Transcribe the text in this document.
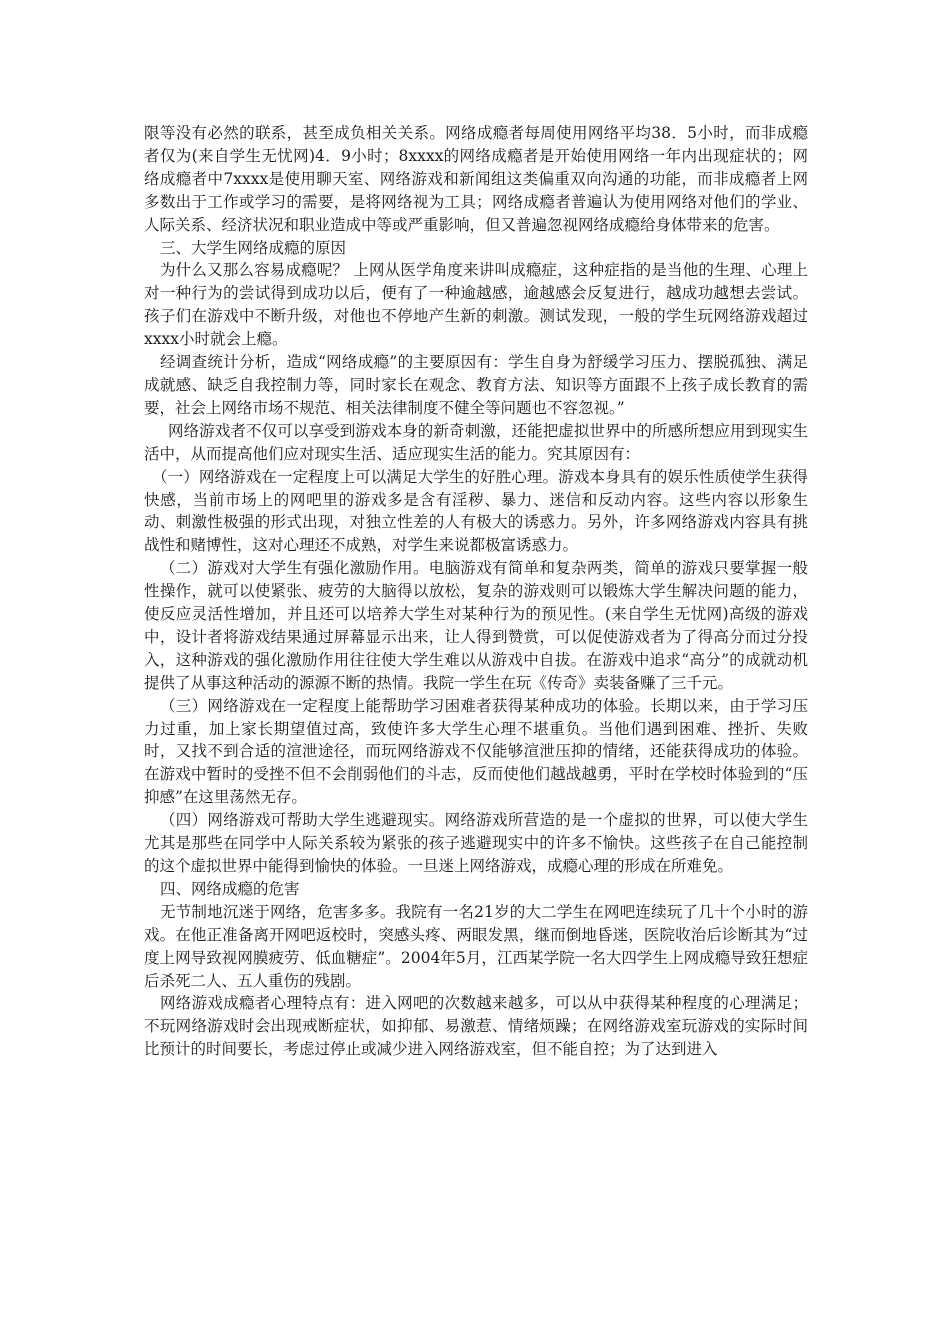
限等没有必然的联系，甚至成负相关关系。网络成瘾者每周使用网络平均38．5小时，而非成瘾者仅为(来自学生无忧网)4．9小时；8xxxx的网络成瘾者是开始使用网络一年内出现症状的；网络成瘾者中7xxxx是使用聊天室、网络游戏和新闻组这类偏重双向沟通的功能，而非成瘾者上网多数出于工作或学习的需要，是将网络视为工具；网络成瘾者普遍认为使用网络对他们的学业、人际关系、经济状况和职业造成中等或严重影响，但又普遍忽视网络成瘾给身体带来的危害。

三、大学生网络成瘾的原因

为什么又那么容易成瘾呢？ 上网从医学角度来讲叫成瘾症，这种症指的是当他的生理、心理上对一种行为的尝试得到成功以后，便有了一种逾越感，逾越感会反复进行，越成功越想去尝试。孩子们在游戏中不断升级，对他也不停地产生新的刺激。测试发现，一般的学生玩网络游戏超过xxxx小时就会上瘾。

经调查统计分析，造成“网络成瘾”的主要原因有：学生自身为舒缓学习压力、摆脱孤独、满足成就感、缺乏自我控制力等，同时家长在观念、教育方法、知识等方面跟不上孩子成长教育的需要，社会上网络市场不规范、相关法律制度不健全等问题也不容忽视。”

网络游戏者不仅可以享受到游戏本身的新奇刺激，还能把虚拟世界中的所感所想应用到现实生活中，从而提高他们应对现实生活、适应现实生活的能力。究其原因有：

（一）网络游戏在一定程度上可以满足大学生的好胜心理。游戏本身具有的娱乐性质使学生获得快感，当前市场上的网吧里的游戏多是含有淫秽、暴力、迷信和反动内容。这些内容以形象生动、刺激性极强的形式出现，对独立性差的人有极大的诱惑力。另外，许多网络游戏内容具有挑战性和赌博性，这对心理还不成熟，对学生来说都极富诱惑力。

（二）游戏对大学生有强化激励作用。电脑游戏有简单和复杂两类，简单的游戏只要掌握一般性操作，就可以使紧张、疲劳的大脑得以放松，复杂的游戏则可以锻炼大学生解决问题的能力，使反应灵活性增加，并且还可以培养大学生对某种行为的预见性。(来自学生无忧网)高级的游戏中，设计者将游戏结果通过屏幕显示出来，让人得到赞赏，可以促使游戏者为了得高分而过分投入，这种游戏的强化激励作用往往使大学生难以从游戏中自拔。在游戏中追求“高分”的成就动机提供了从事这种活动的源源不断的热情。我院一学生在玩《传奇》卖装备赚了三千元。

（三）网络游戏在一定程度上能帮助学习困难者获得某种成功的体验。长期以来，由于学习压力过重，加上家长期望值过高，致使许多大学生心理不堪重负。当他们遇到困难、挫折、失败时，又找不到合适的渲泄途径，而玩网络游戏不仅能够渲泄压抑的情绪，还能获得成功的体验。在游戏中暂时的受挫不但不会削弱他们的斗志，反而使他们越战越勇，平时在学校时体验到的“压抑感”在这里荡然无存。

（四）网络游戏可帮助大学生逃避现实。网络游戏所营造的是一个虚拟的世界，可以使大学生尤其是那些在同学中人际关系较为紧张的孩子逃避现实中的许多不愉快。这些孩子在自己能控制的这个虚拟世界中能得到愉快的体验。一旦迷上网络游戏，成瘾心理的形成在所难免。

四、网络成瘾的危害

无节制地沉迷于网络，危害多多。我院有一名21岁的大二学生在网吧连续玩了几十个小时的游戏。在他正准备离开网吧返校时，突感头疼、两眼发黑，继而倒地昏迷，医院收治后诊断其为“过度上网导致视网膜疲劳、低血糖症”。2004年5月，江西某学院一名大四学生上网成瘾导致狂想症后杀死二人、五人重伤的残剧。

网络游戏成瘾者心理特点有：进入网吧的次数越来越多，可以从中获得某种程度的心理满足；不玩网络游戏时会出现戒断症状，如抑郁、易激惹、情绪烦躁；在网络游戏室玩游戏的实际时间比预计的时间要长，考虑过停止或减少进入网络游戏室，但不能自控；为了达到进入
